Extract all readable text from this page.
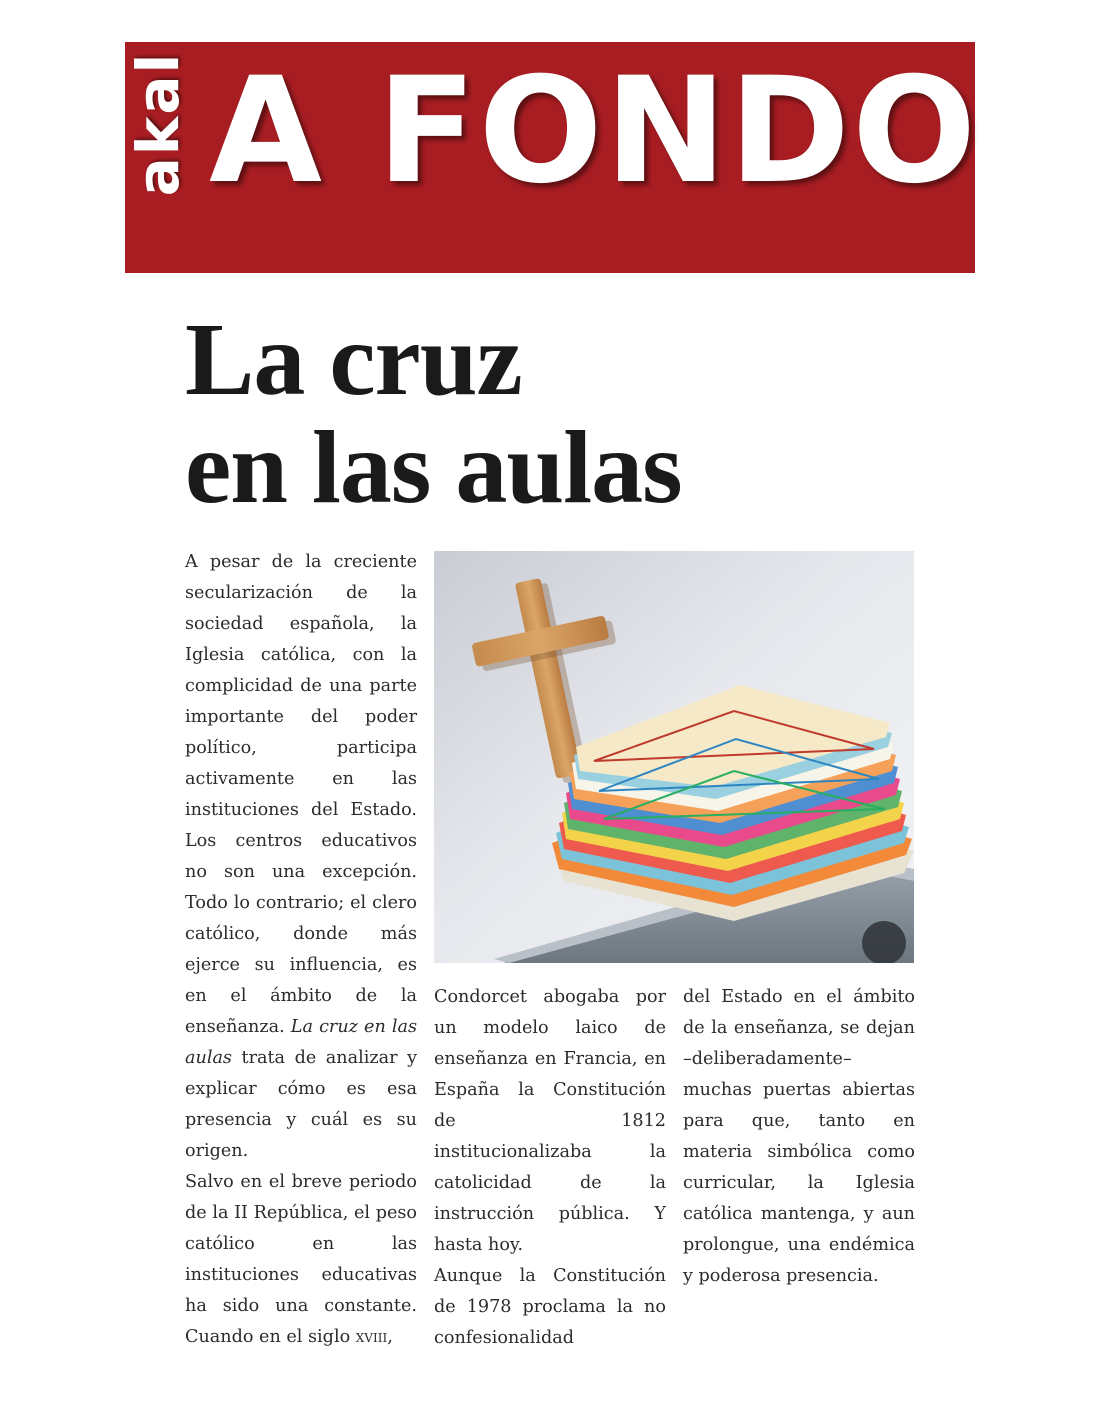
akal A FONDO
La cruz
en las aulas

A pesar de la creciente secularización de la sociedad española, la Iglesia católica, con la complicidad de una parte importante del poder político, participa activamente en las instituciones del Estado. Los centros educativos no son una excepción. Todo lo contrario; el clero católico, donde más ejerce su influencia, es en el ámbito de la enseñanza. La cruz en las aulas trata de analizar y explicar cómo es esa presencia y cuál es su origen.

Salvo en el breve periodo de la II República, el peso católico en las instituciones educativas ha sido una constante. Cuando en el siglo xviii,

Condorcet abogaba por un modelo laico de enseñanza en Francia, en España la Constitución de 1812 institucionalizaba la catolicidad de la instrucción pública. Y hasta hoy.

Aunque la Constitución de 1978 proclama la no confesionalidad

del Estado en el ámbito de la enseñanza, se dejan –deliberadamente– muchas puertas abiertas para que, tanto en materia simbólica como curricular, la Iglesia católica mantenga, y aun prolongue, una endémica y poderosa presencia.
